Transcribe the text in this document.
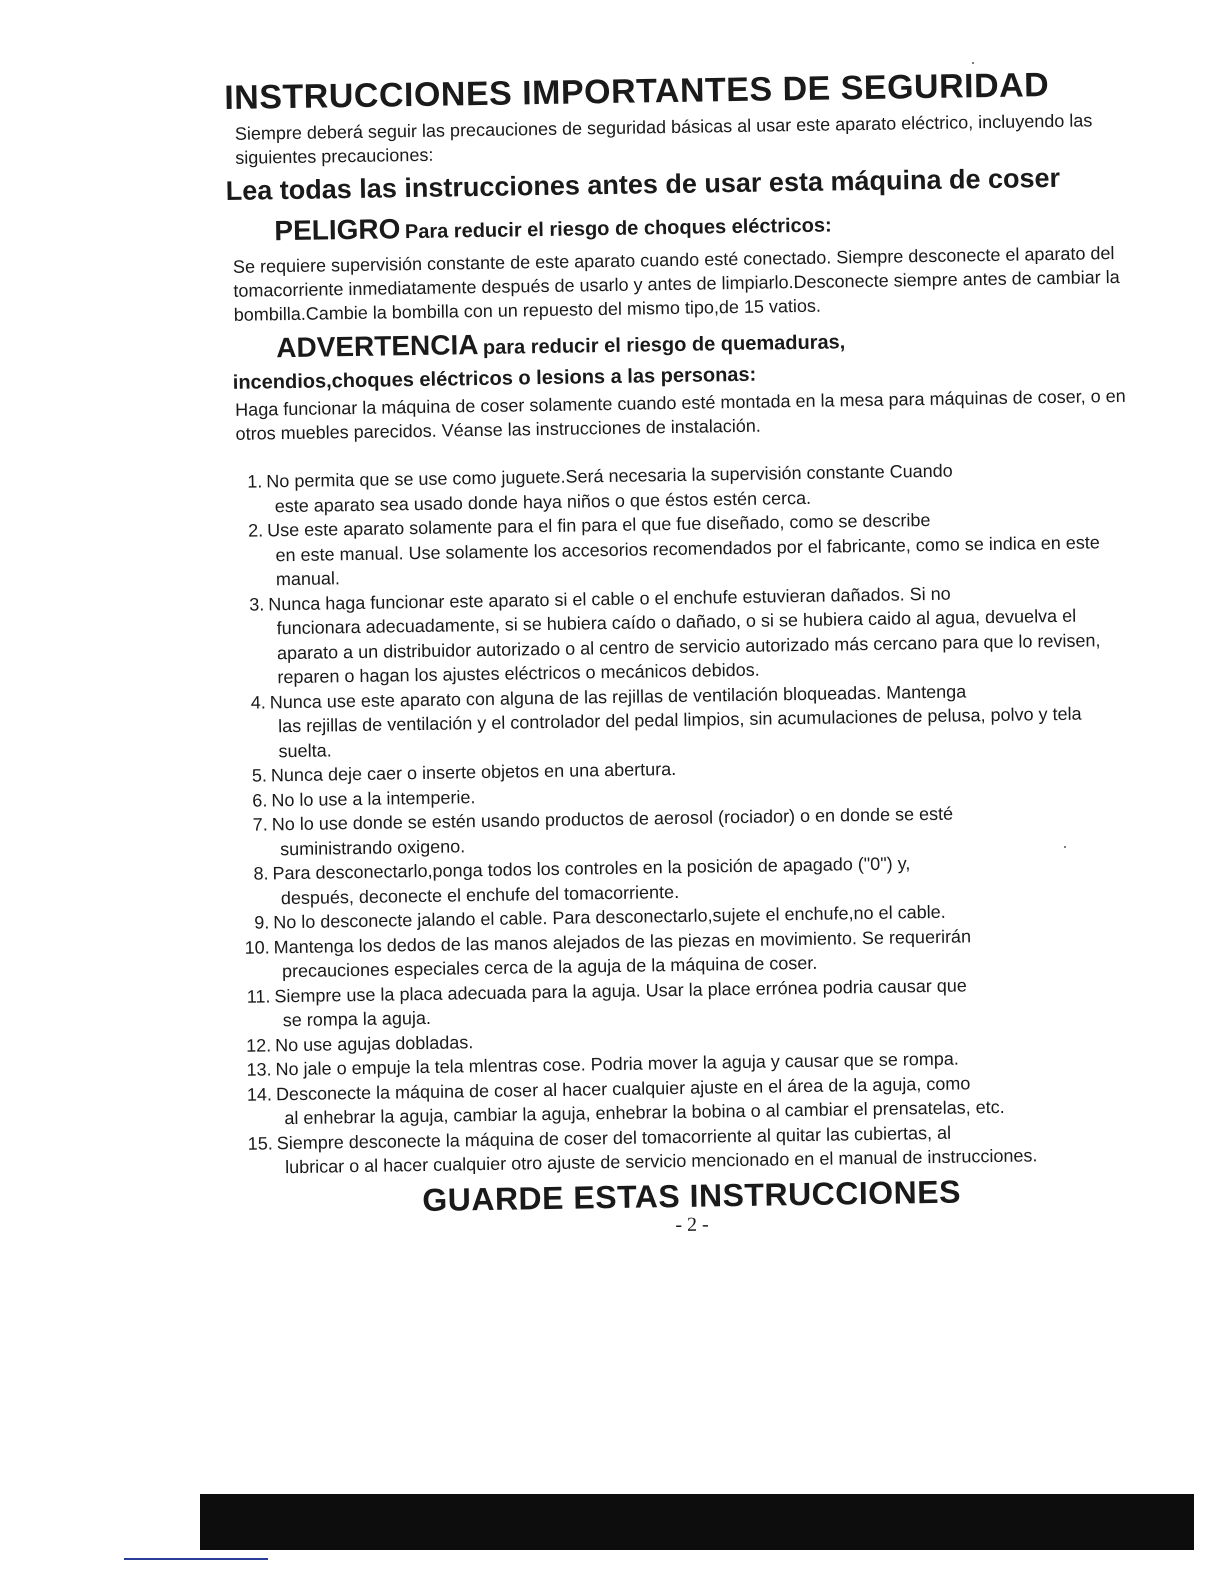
INSTRUCCIONES IMPORTANTES DE SEGURIDAD

Siempre deberá seguir las precauciones de seguridad básicas al usar este aparato eléctrico, incluyendo las siguientes precauciones:

Lea todas las instrucciones antes de usar esta máquina de coser

PELIGRO Para reducir el riesgo de choques eléctricos:

Se requiere supervisión constante de este aparato cuando esté conectado. Siempre desconecte el aparato del tomacorriente inmediatamente después de usarlo y antes de limpiarlo.Desconecte siempre antes de cambiar la bombilla.Cambie la bombilla con un repuesto del mismo tipo,de 15 vatios.

ADVERTENCIA para reducir el riesgo de quemaduras,
incendios,choques eléctricos o lesions a las personas:

Haga funcionar la máquina de coser solamente cuando esté montada en la mesa para máquinas de coser, o en otros muebles parecidos. Véanse las instrucciones de instalación.

1. No permita que se use como juguete.Será necesaria la supervisión constante Cuando
este aparato sea usado donde haya niños o que éstos estén cerca.
2. Use este aparato solamente para el fin para el que fue diseñado, como se describe
en este manual. Use solamente los accesorios recomendados por el fabricante, como se indica en este manual.
3. Nunca haga funcionar este aparato si el cable o el enchufe estuvieran dañados. Si no
funcionara adecuadamente, si se hubiera caído o dañado, o si se hubiera caido al agua, devuelva el aparato a un distribuidor autorizado o al centro de servicio autorizado más cercano para que lo revisen, reparen o hagan los ajustes eléctricos o mecánicos debidos.
4. Nunca use este aparato con alguna de las rejillas de ventilación bloqueadas. Mantenga
las rejillas de ventilación y el controlador del pedal limpios, sin acumulaciones de pelusa, polvo y tela suelta.
5. Nunca deje caer o inserte objetos en una abertura.
6. No lo use a la intemperie.
7. No lo use donde se estén usando productos de aerosol (rociador) o en donde se esté
suministrando oxigeno.
8. Para desconectarlo,ponga todos los controles en la posición de apagado ("0") y,
después, deconecte el enchufe del tomacorriente.
9. No lo desconecte jalando el cable. Para desconectarlo,sujete el enchufe,no el cable.
10. Mantenga los dedos de las manos alejados de las piezas en movimiento. Se requerirán
precauciones especiales cerca de la aguja de la máquina de coser.
11. Siempre use la placa adecuada para la aguja. Usar la place errónea podria causar que
se rompa la aguja.
12. No use agujas dobladas.
13. No jale o empuje la tela mlentras cose. Podria mover la aguja y causar que se rompa.
14. Desconecte la máquina de coser al hacer cualquier ajuste en el área de la aguja, como
al enhebrar la aguja, cambiar la aguja, enhebrar la bobina o al cambiar el prensatelas, etc.
15. Siempre desconecte la máquina de coser del tomacorriente al quitar las cubiertas, al
lubricar o al hacer cualquier otro ajuste de servicio mencionado en el manual de instrucciones.
GUARDE ESTAS INSTRUCCIONES
- 2 -
